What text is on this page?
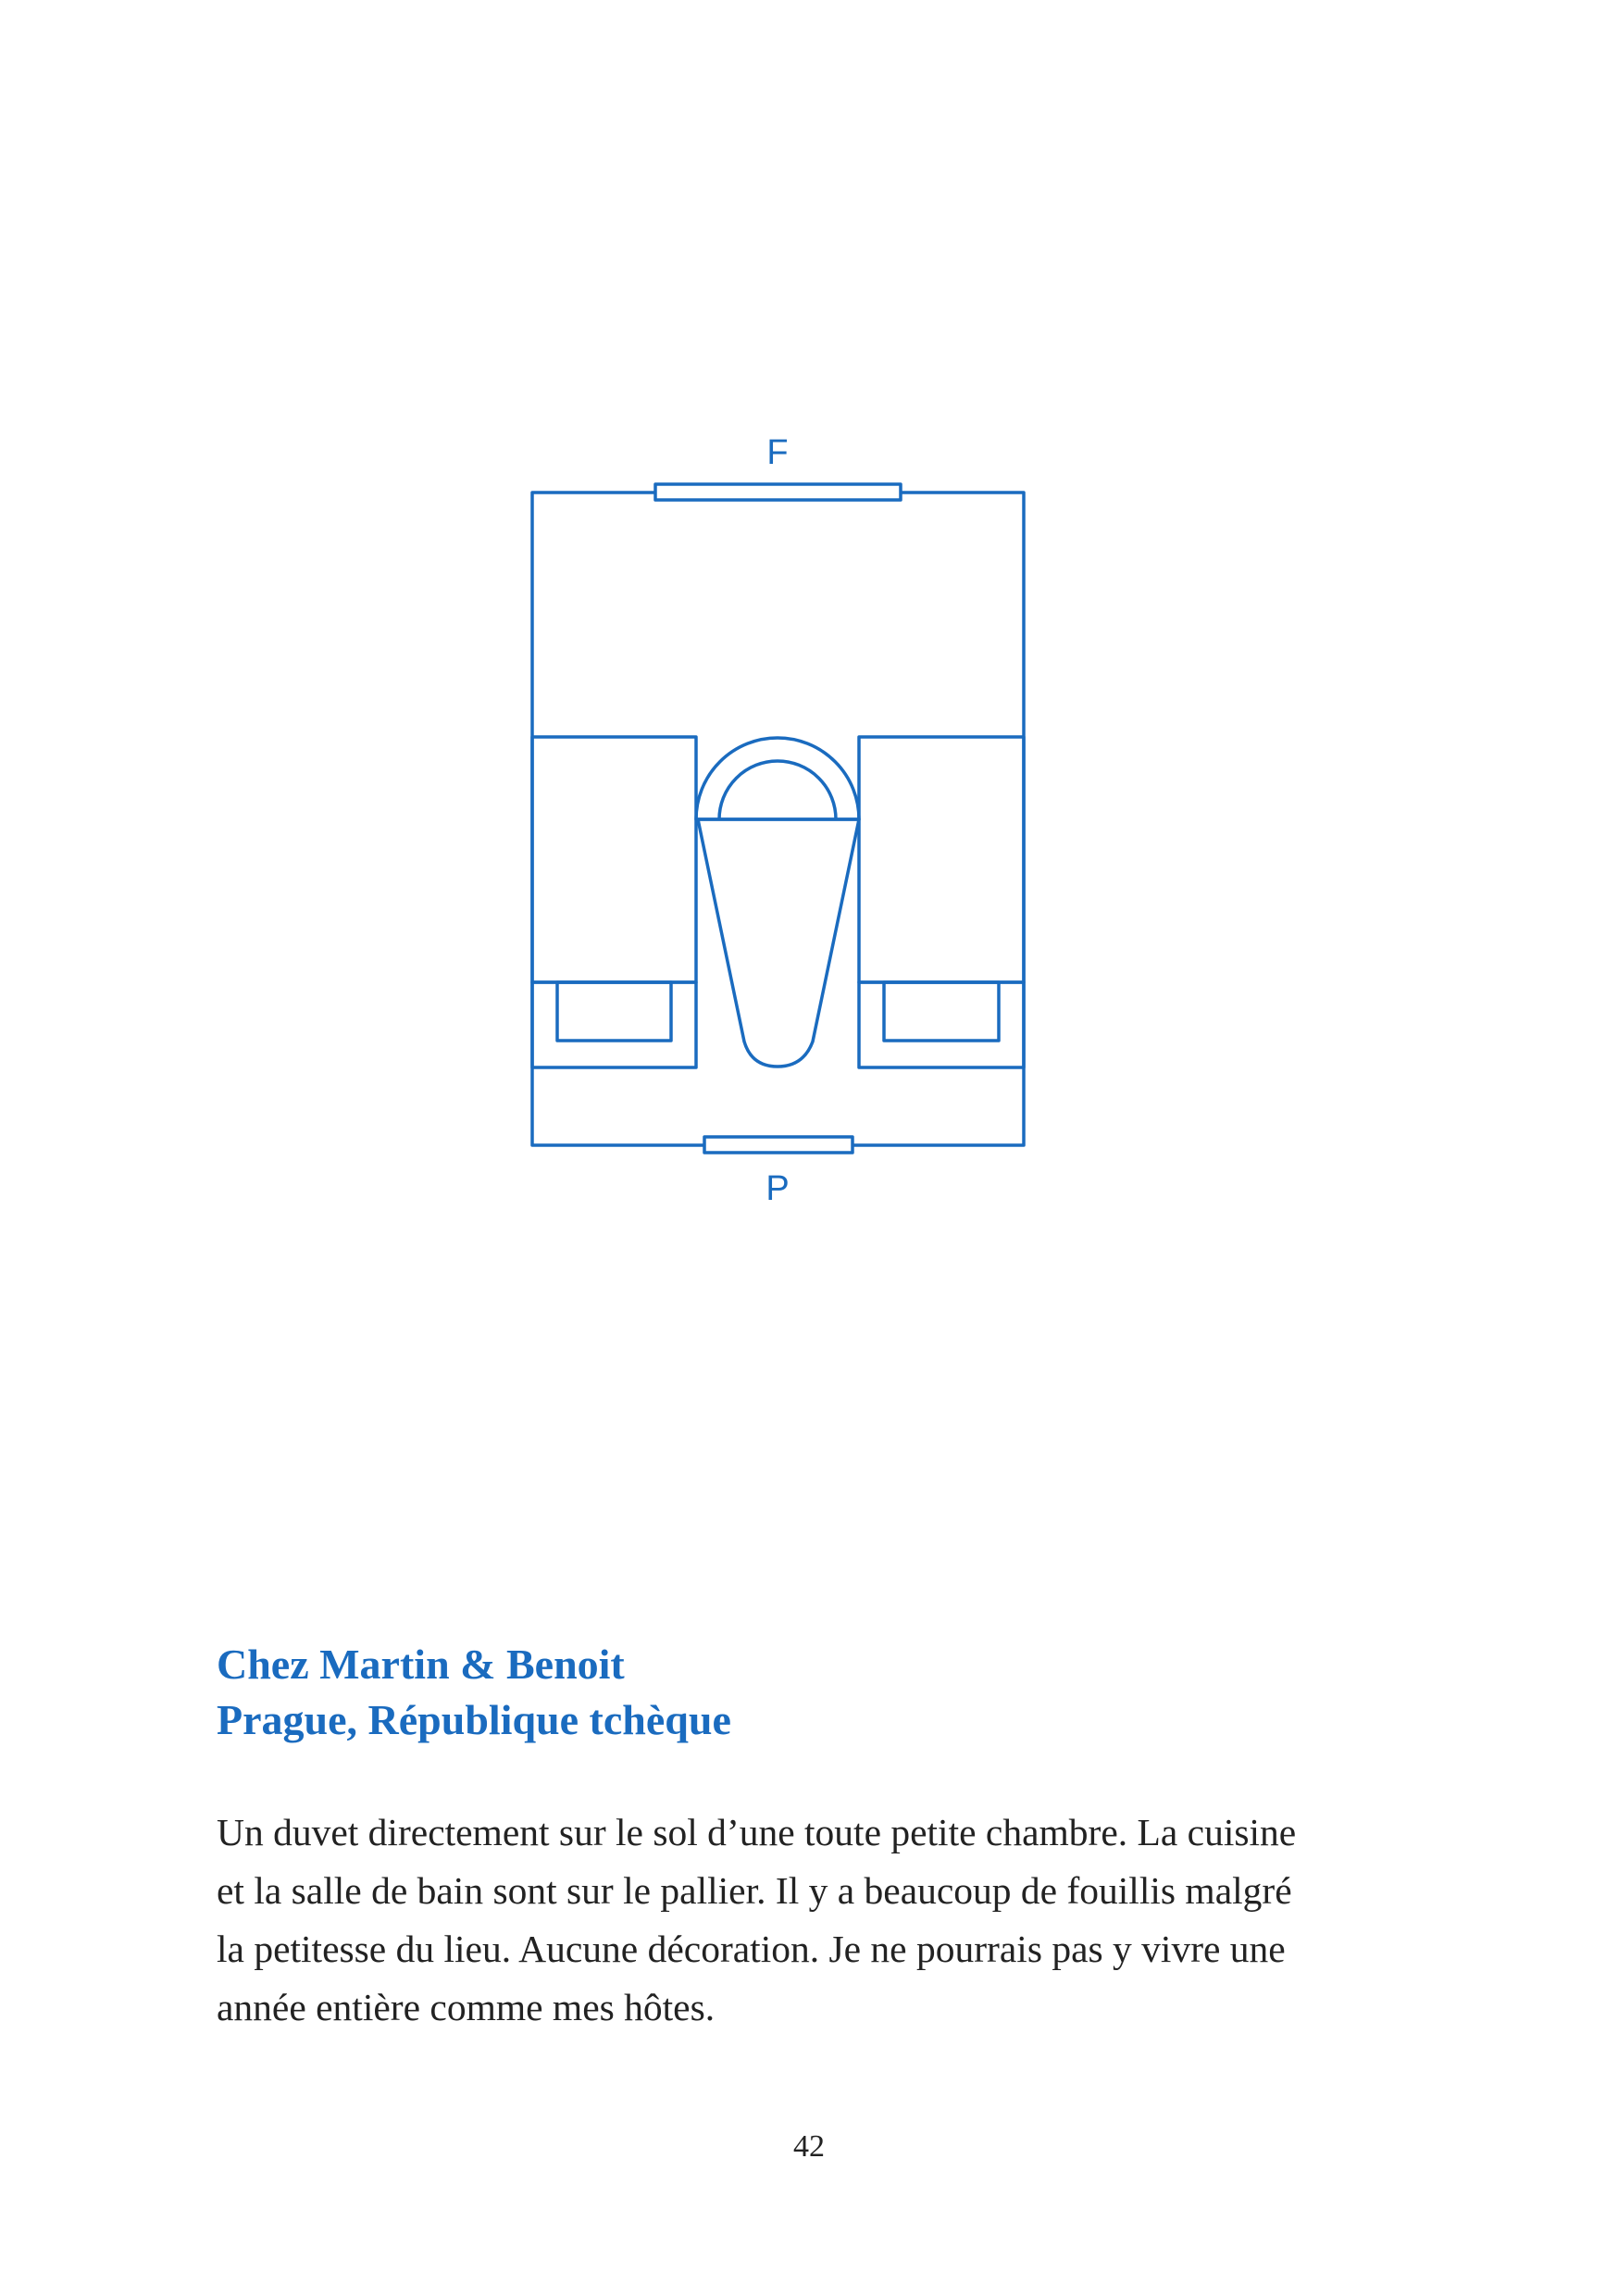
F
P
Chez Martin & Benoit
Prague, République tchèque

Un duvet directement sur le sol d’une toute petite chambre. La cuisine
et la salle de bain sont sur le pallier. Il y a beaucoup de fouillis malgré
la petitesse du lieu. Aucune décoration. Je ne pourrais pas y vivre une
année entière comme mes hôtes.

42
